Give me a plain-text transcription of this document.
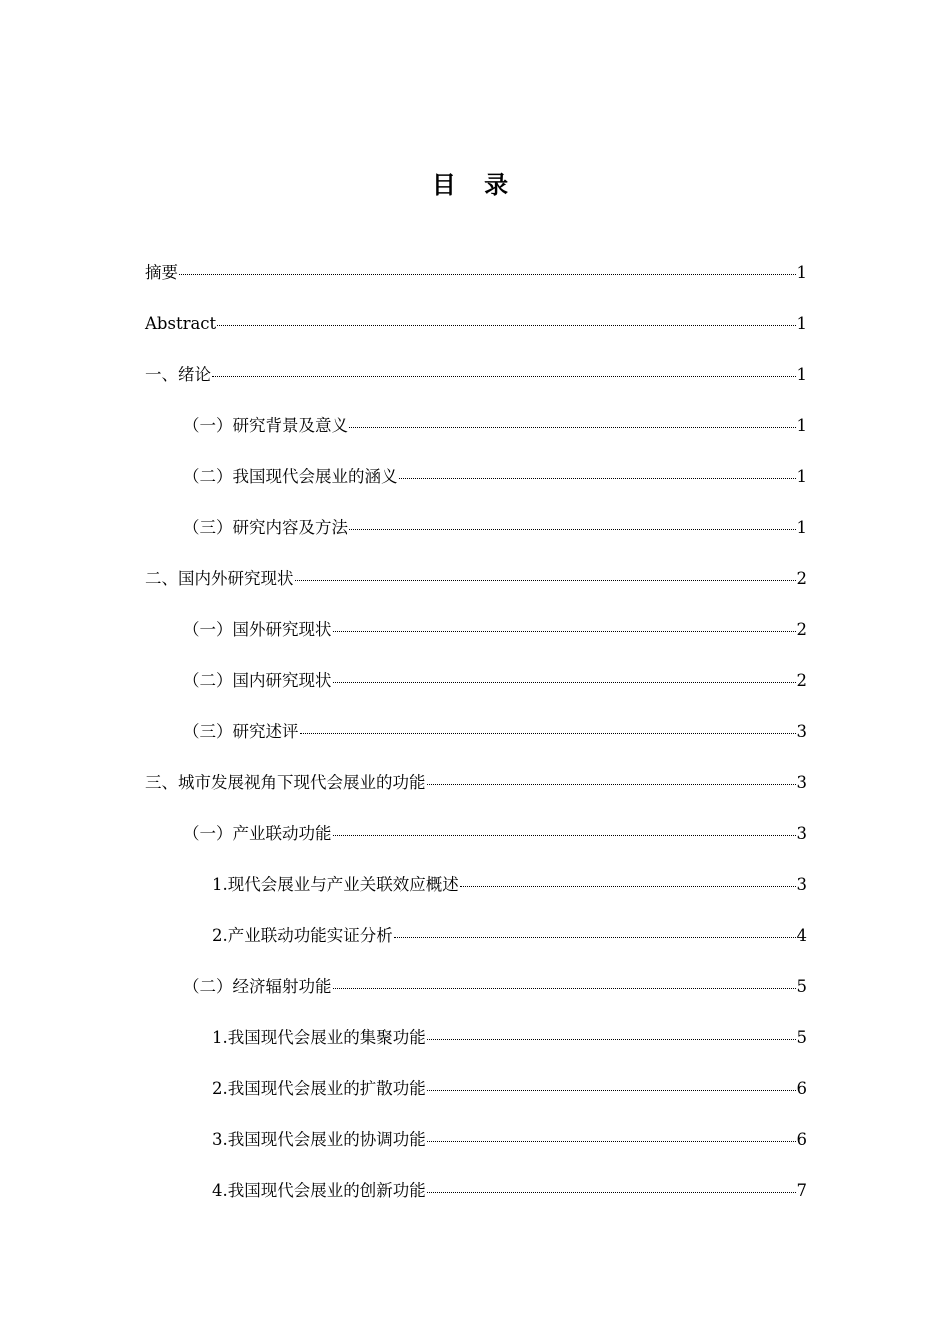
目 录
摘要	1
Abstract	1
一、绪论	1
（一）研究背景及意义	1
（二）我国现代会展业的涵义	1
（三）研究内容及方法	1
二、国内外研究现状	2
（一）国外研究现状	2
（二）国内研究现状	2
（三）研究述评	3
三、城市发展视角下现代会展业的功能	3
（一）产业联动功能	3
1.现代会展业与产业关联效应概述	3
2.产业联动功能实证分析	4
（二）经济辐射功能	5
1.我国现代会展业的集聚功能	5
2.我国现代会展业的扩散功能	6
3.我国现代会展业的协调功能	6
4.我国现代会展业的创新功能	7
